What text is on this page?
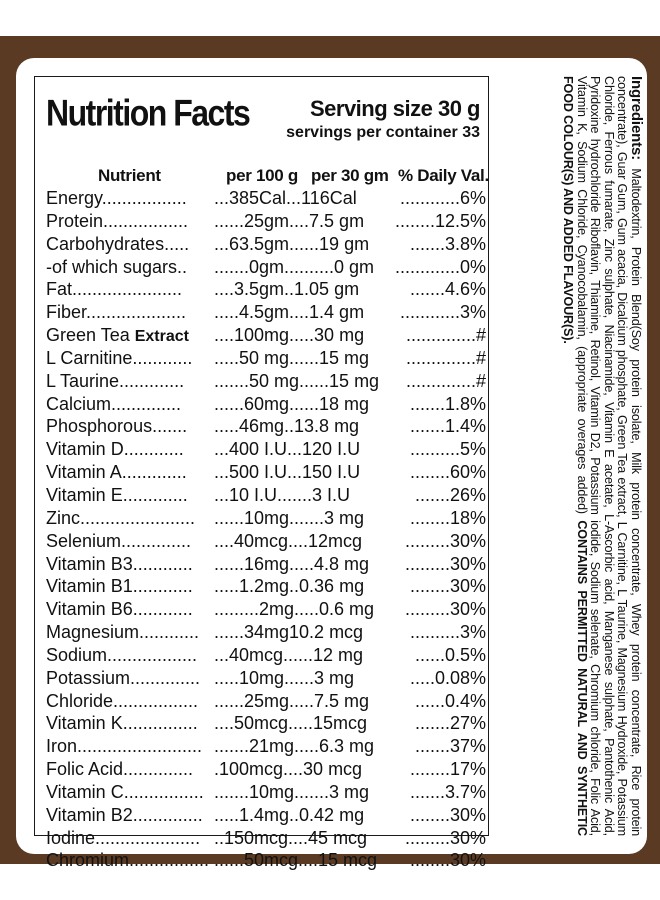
Nutrition Facts	Serving size 30 g
servings per container 33
Nutrient	per 100 g per 30 gm % Daily Val.
Energy................. ...385Cal...116Cal ............6%
Protein................. ......25gm....7.5 gm ........12.5%
Carbohydrates..... ...63.5gm......19 gm .......3.8%
-of which sugars.. .......0gm..........0 gm .............0%
Fat...................... ....3.5gm..1.05 gm	.......4.6%
Fiber.................... .....4.5gm....1.4 gm ............3%
Green Tea Extract ....100mg.....30 mg ..............#
L Carnitine............ .....50 mg......15 mg ..............#
L Taurine............. .......50 mg......15 mg ..............#
Calcium.............. ......60mg......18 mg .......1.8%
Phosphorous....... .....46mg..13.8 mg	.......1.4%
Vitamin D............ ...400 I.U...120 I.U	..........5%
Vitamin A............. ...500 I.U...150 I.U	........60%
Vitamin E............. ...10 I.U.......3 I.U	.......26%
Zinc....................... ......10mg.......3 mg	........18%
Selenium.............. ....40mcg....12mcg .........30%
Vitamin B3............ ......16mg.....4.8 mg .........30%
Vitamin B1............ .....1.2mg..0.36 mg	........30%
Vitamin B6............ .........2mg.....0.6 mg .........30%
Magnesium............ ......34mg10.2 mcg	..........3%
Sodium.................. ...40mcg......12 mg	......0.5%
Potassium.............. .....10mg......3 mg	.....0.08%
Chloride................. ......25mg.....7.5 mg	......0.4%
Vitamin K............... ....50mcg.....15mcg	.......27%
Iron......................... .......21mg.....6.3 mg .......37%
Folic Acid.............. .100mcg....30 mcg	........17%
Vitamin C................ .......10mg.......3 mg .......3.7%
Vitamin B2.............. .....1.4mg..0.42 mg	........30%
Iodine..................... ..150mcg....45 mcg .........30%
Chromium................ ......50mcg....15 mcg ........30%
Ingredients: Maltodextrin, Protein Blend(Soy protein isolate, Milk protein concentrate, Whey protein concentrate, Rice protein concentrate), Guar Gum, Gum acacia, Dicalcium phosphate, Green Tea extract, L Carnitine, L Taurine, Magnesium Hydroxide, Potassium Chloride, Ferrous fumarate, Zinc sulphate, Niacinamide, Vitamin E acetate, L-Ascorbic acid, Manganese sulphate, Pantothenic Acid, Pyridoxine hydrochloride Riboflavin, Thiamine, Retinol, Vitamin D2, Potassium iodide, Sodium selenate, Chromium chloride, Folic Acid, Vitamin K, Sodium Chloride, Cyanocobalamin, (appropriate overages added) CONTAINS PERMITTED NATURAL AND SYNTHETIC FOOD COLOUR(S) AND ADDED FLAVOUR(S).
